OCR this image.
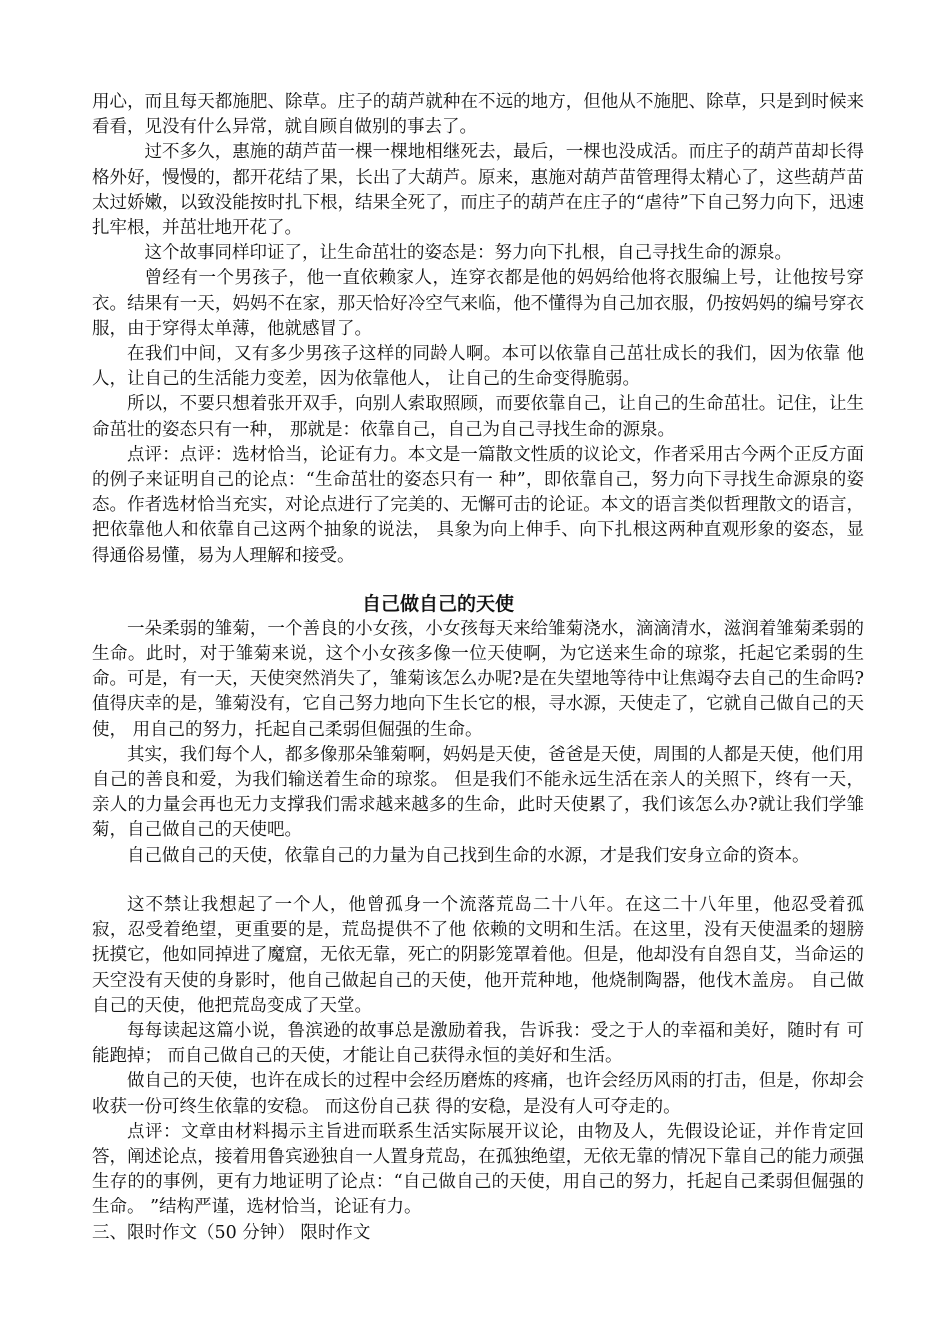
用心，而且每天都施肥、除草。庄子的葫芦就种在不远的地方，但他从不施肥、除草，只是到时候来看看，见没有什么异常，就自顾自做别的事去了。

过不多久，惠施的葫芦苗一棵一棵地相继死去，最后，一棵也没成活。而庄子的葫芦苗却长得格外好，慢慢的，都开花结了果，长出了大葫芦。原来，惠施对葫芦苗管理得太精心了，这些葫芦苗太过娇嫩，以致没能按时扎下根，结果全死了，而庄子的葫芦在庄子的“虐待”下自己努力向下，迅速扎牢根，并茁壮地开花了。

这个故事同样印证了，让生命茁壮的姿态是：努力向下扎根，自己寻找生命的源泉。

曾经有一个男孩子，他一直依赖家人，连穿衣都是他的妈妈给他将衣服编上号，让他按号穿衣。结果有一天，妈妈不在家，那天恰好冷空气来临，他不懂得为自己加衣服，仍按妈妈的编号穿衣服，由于穿得太单薄，他就感冒了。

在我们中间，又有多少男孩子这样的同龄人啊。本可以依靠自己茁壮成长的我们，因为依靠 他人，让自己的生活能力变差，因为依靠他人， 让自己的生命变得脆弱。

所以，不要只想着张开双手，向别人索取照顾，而要依靠自己，让自己的生命茁壮。记住，让生命茁壮的姿态只有一种， 那就是：依靠自己，自己为自己寻找生命的源泉。

点评：点评：选材恰当，论证有力。本文是一篇散文性质的议论文，作者采用古今两个正反方面的例子来证明自己的论点：“生命茁壮的姿态只有一 种”，即依靠自己，努力向下寻找生命源泉的姿态。作者选材恰当充实，对论点进行了完美的、无懈可击的论证。本文的语言类似哲理散文的语言，把依靠他人和依靠自己这两个抽象的说法， 具象为向上伸手、向下扎根这两种直观形象的姿态，显得通俗易懂，易为人理解和接受。

自己做自己的天使

一朵柔弱的雏菊，一个善良的小女孩，小女孩每天来给雏菊浇水，滴滴清水，滋润着雏菊柔弱的生命。此时，对于雏菊来说，这个小女孩多像一位天使啊，为它送来生命的琼浆，托起它柔弱的生命。可是，有一天，天使突然消失了，雏菊该怎么办呢?是在失望地等待中让焦竭夺去自己的生命吗?值得庆幸的是，雏菊没有，它自己努力地向下生长它的根，寻水源，天使走了，它就自己做自己的天使， 用自己的努力，托起自己柔弱但倔强的生命。

其实，我们每个人，都多像那朵雏菊啊，妈妈是天使，爸爸是天使，周围的人都是天使，他们用自己的善良和爱，为我们输送着生命的琼浆。 但是我们不能永远生活在亲人的关照下，终有一天，亲人的力量会再也无力支撑我们需求越来越多的生命，此时天使累了，我们该怎么办?就让我们学雏菊，自己做自己的天使吧。

自己做自己的天使，依靠自己的力量为自己找到生命的水源，才是我们安身立命的资本。

这不禁让我想起了一个人，他曾孤身一个流落荒岛二十八年。在这二十八年里，他忍受着孤 寂，忍受着绝望，更重要的是，荒岛提供不了他 依赖的文明和生活。在这里，没有天使温柔的翅膀抚摸它，他如同掉进了魔窟，无依无靠，死亡的阴影笼罩着他。但是，他却没有自怨自艾，当命运的天空没有天使的身影时，他自己做起自己的天使，他开荒种地，他烧制陶器，他伐木盖房。 自己做自己的天使，他把荒岛变成了天堂。

每每读起这篇小说，鲁滨逊的故事总是激励着我，告诉我：受之于人的幸福和美好，随时有 可能跑掉； 而自己做自己的天使，才能让自己获得永恒的美好和生活。

做自己的天使，也许在成长的过程中会经历磨炼的疼痛，也许会经历风雨的打击，但是，你却会收获一份可终生依靠的安稳。 而这份自己获 得的安稳，是没有人可夺走的。

点评：文章由材料揭示主旨进而联系生活实际展开议论，由物及人，先假设论证，并作肯定回答，阐述论点，接着用鲁宾逊独自一人置身荒岛，在孤独绝望，无依无靠的情况下靠自己的能力顽强生存的的事例，更有力地证明了论点：“自己做自己的天使，用自己的努力，托起自己柔弱但倔强的生命。 ”结构严谨，选材恰当，论证有力。

三、限时作文（50 分钟） 限时作文
